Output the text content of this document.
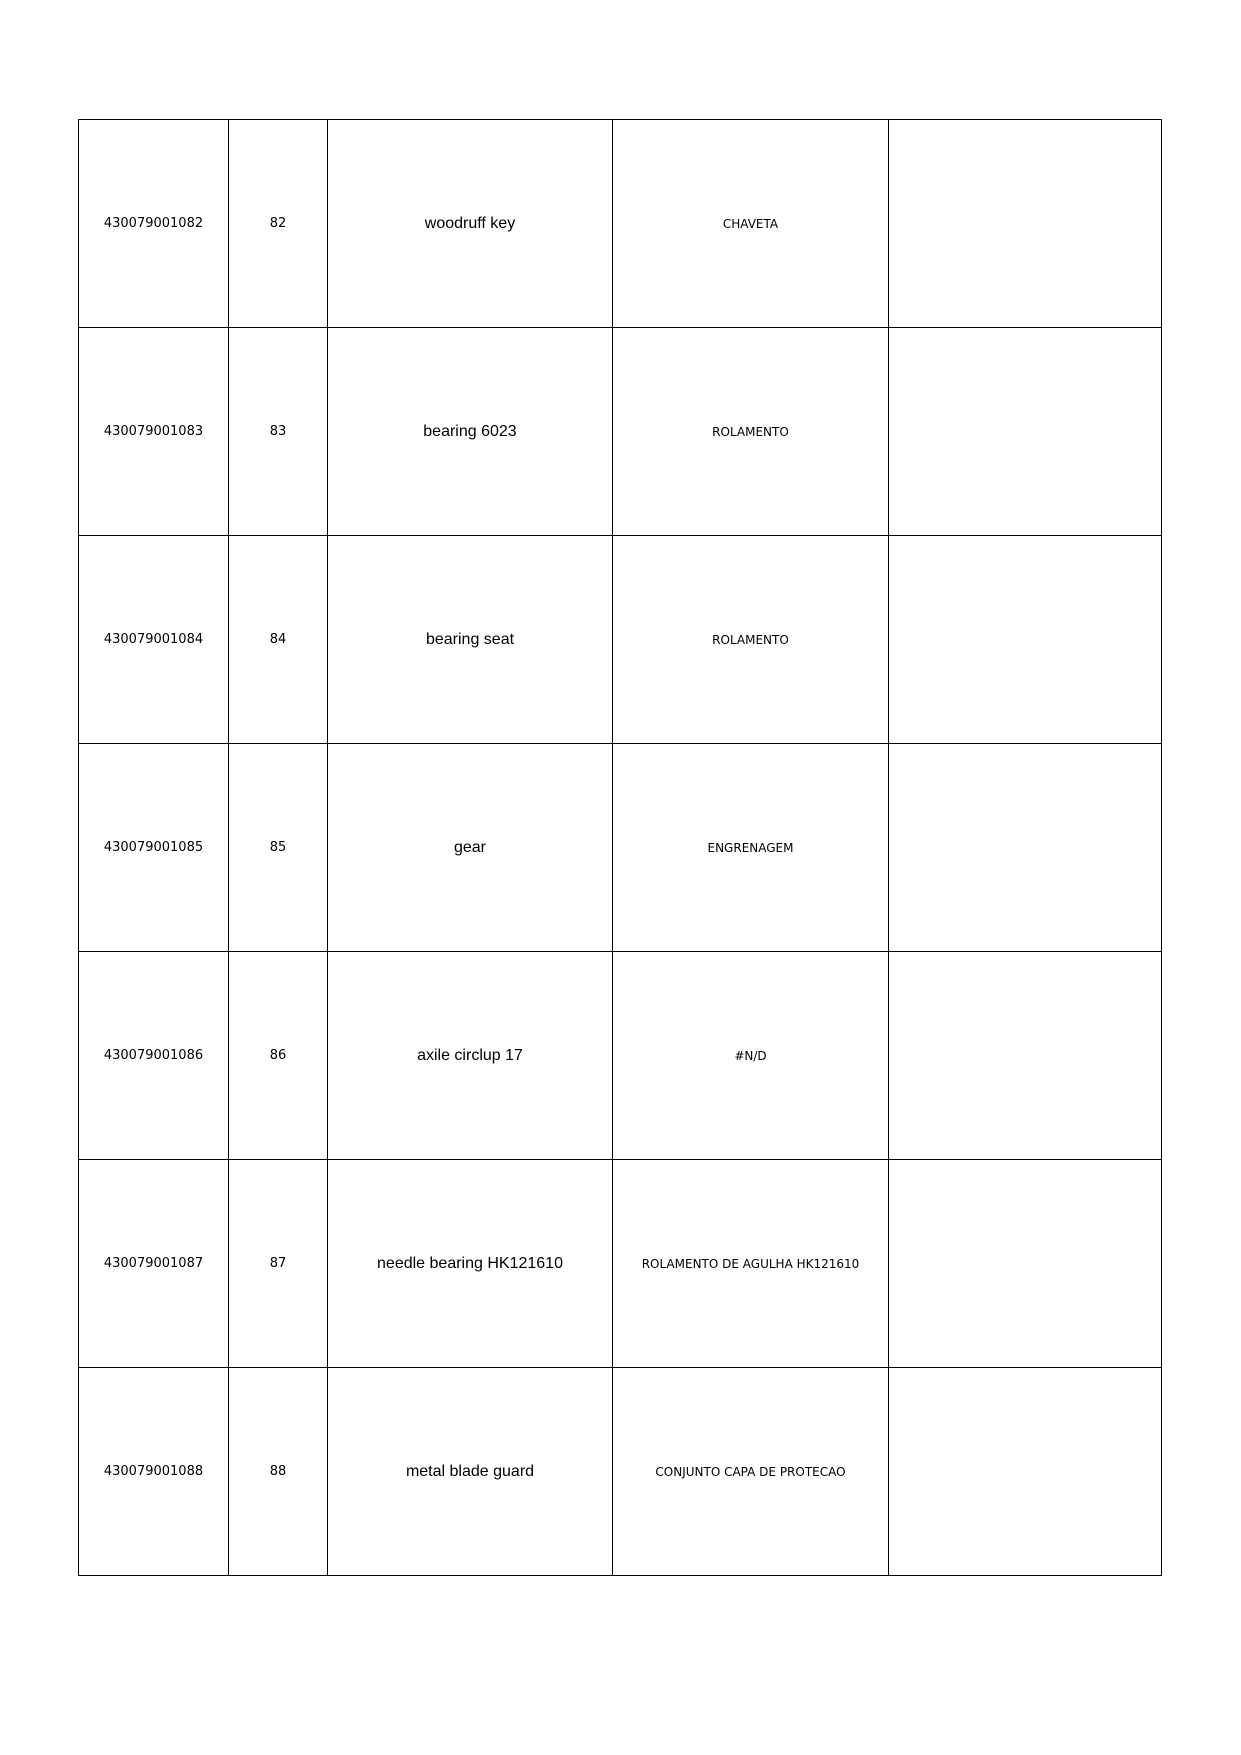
430079001082	82	woodruff key	CHAVETA	
430079001083	83	bearing 6023	ROLAMENTO	
430079001084	84	bearing seat	ROLAMENTO	
430079001085	85	gear	ENGRENAGEM	
430079001086	86	axile circlup 17	#N/D	
430079001087	87	needle bearing HK121610	ROLAMENTO DE AGULHA HK121610	
430079001088	88	metal blade guard	CONJUNTO CAPA DE PROTECAO	
